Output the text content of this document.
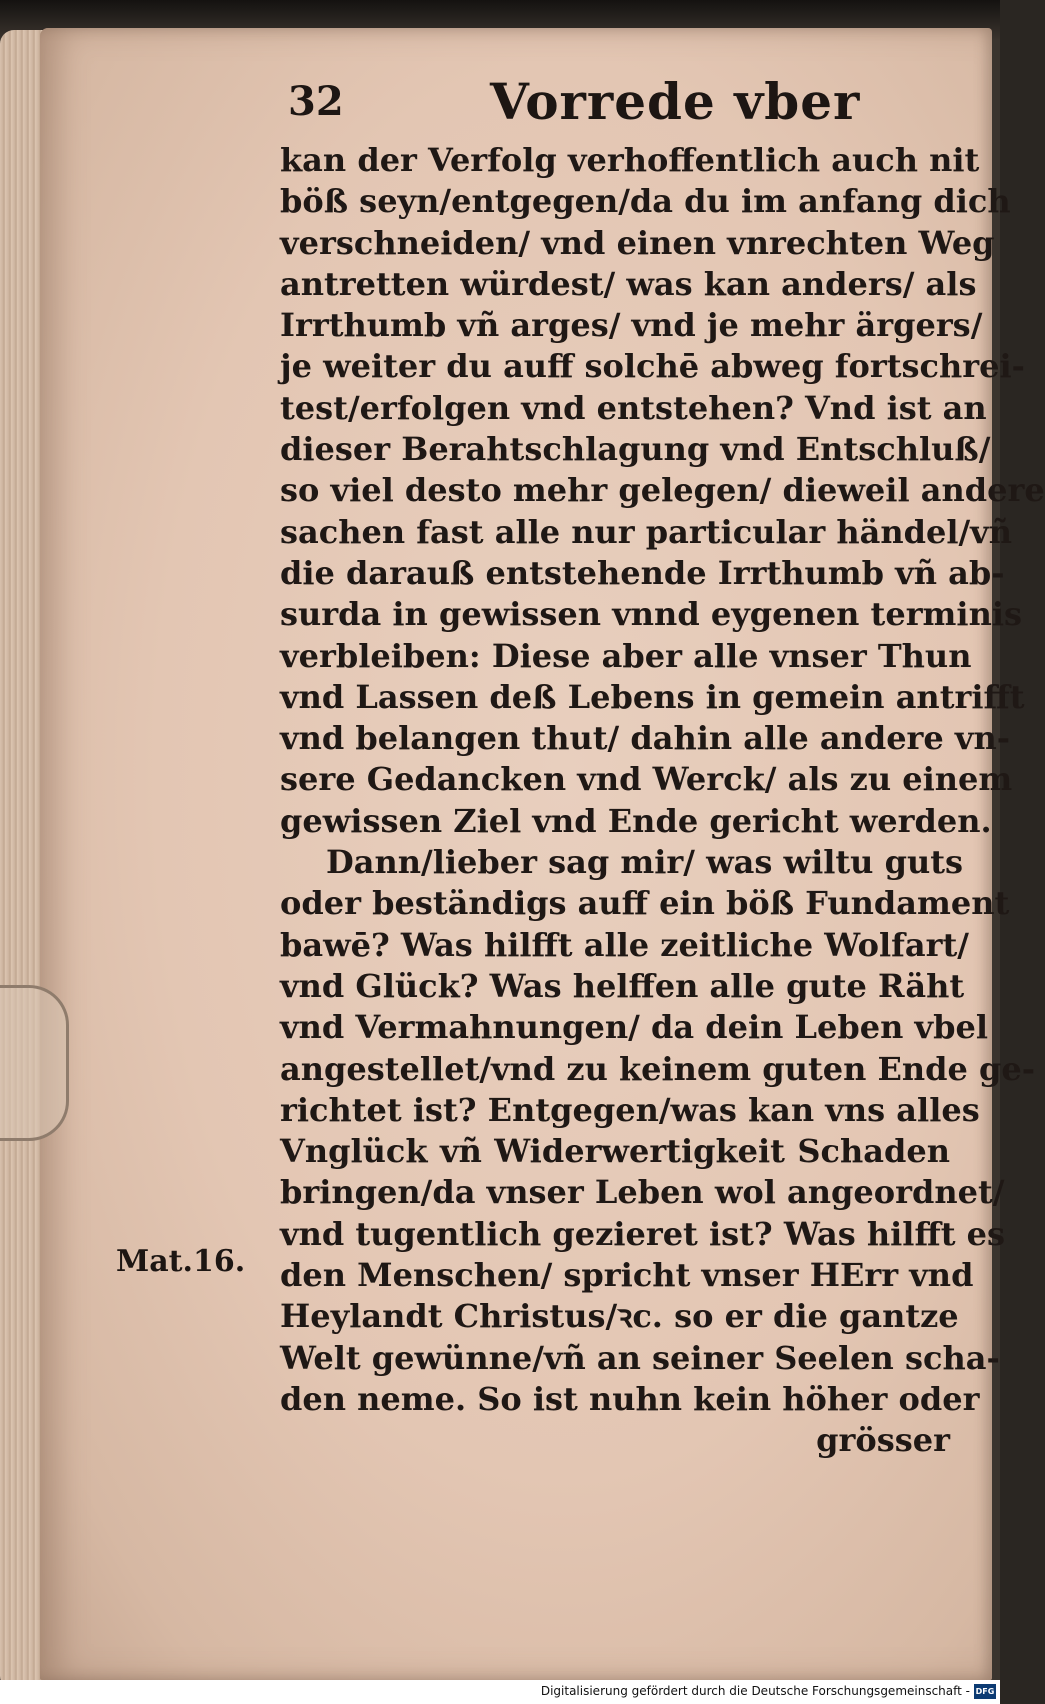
32	Vorrede vber
Mat.16.
kan der Verfolg verhoffentlich auch nit
böß seyn/entgegen/da du im anfang dich
verschneiden/ vnd einen vnrechten Weg
antretten würdest/ was kan anders/ als
Irrthumb vñ arges/ vnd je mehr ärgers/
je weiter du auff solchē abweg fortschrei-
test/erfolgen vnd entstehen? Vnd ist an
dieser Berahtschlagung vnd Entschluß/
so viel desto mehr gelegen/ dieweil andere
sachen fast alle nur particular händel/vñ
die darauß entstehende Irrthumb vñ ab-
surda in gewissen vnnd eygenen terminis
verbleiben: Diese aber alle vnser Thun
vnd Lassen deß Lebens in gemein antrifft
vnd belangen thut/ dahin alle andere vn-
sere Gedancken vnd Werck/ als zu einem
gewissen Ziel vnd Ende gericht werden.
Dann/lieber sag mir/ was wiltu guts
oder beständigs auff ein böß Fundament
bawē? Was hilfft alle zeitliche Wolfart/
vnd Glück? Was helffen alle gute Räht
vnd Vermahnungen/ da dein Leben vbel
angestellet/vnd zu keinem guten Ende ge-
richtet ist? Entgegen/was kan vns alles
Vnglück vñ Widerwertigkeit Schaden
bringen/da vnser Leben wol angeordnet/
vnd tugentlich gezieret ist? Was hilfft es
den Menschen/ spricht vnser HErr vnd
Heylandt Christus/ꝛc. so er die gantze
Welt gewünne/vñ an seiner Seelen scha-
den neme. So ist nuhn kein höher oder
grösser
Digitalisierung gefördert durch die Deutsche Forschungsgemeinschaft - DFG
